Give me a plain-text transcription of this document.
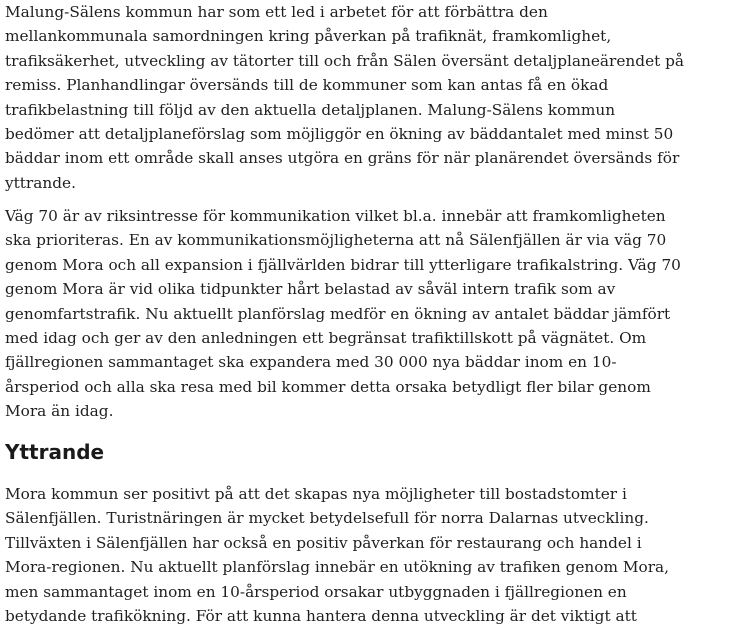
Malung-Sälens kommun har som ett led i arbetet för att förbättra den
mellankommunala samordningen kring påverkan på trafiknät, framkomlighet,
trafiksäkerhet, utveckling av tätorter till och från Sälen översänt detaljplaneärendet på
remiss. Planhandlingar översänds till de kommuner som kan antas få en ökad
trafikbelastning till följd av den aktuella detaljplanen. Malung-Sälens kommun
bedömer att detaljplaneförslag som möjliggör en ökning av bäddantalet med minst 50
bäddar inom ett område skall anses utgöra en gräns för när planärendet översänds för
yttrande.

Väg 70 är av riksintresse för kommunikation vilket bl.a. innebär att framkomligheten
ska prioriteras. En av kommunikationsmöjligheterna att nå Sälenfjällen är via väg 70
genom Mora och all expansion i fjällvärlden bidrar till ytterligare trafikalstring. Väg 70
genom Mora är vid olika tidpunkter hårt belastad av såväl intern trafik som av
genomfartstrafik. Nu aktuellt planförslag medför en ökning av antalet bäddar jämfört
med idag och ger av den anledningen ett begränsat trafiktillskott på vägnätet. Om
fjällregionen sammantaget ska expandera med 30 000 nya bäddar inom en 10-
årsperiod och alla ska resa med bil kommer detta orsaka betydligt fler bilar genom
Mora än idag.

Yttrande

Mora kommun ser positivt på att det skapas nya möjligheter till bostadstomter i
Sälenfjällen. Turistnäringen är mycket betydelsefull för norra Dalarnas utveckling.
Tillväxten i Sälenfjällen har också en positiv påverkan för restaurang och handel i
Mora-regionen. Nu aktuellt planförslag innebär en utökning av trafiken genom Mora,
men sammantaget inom en 10-årsperiod orsakar utbyggnaden i fjällregionen en
betydande trafikökning. För att kunna hantera denna utveckling är det viktigt att
